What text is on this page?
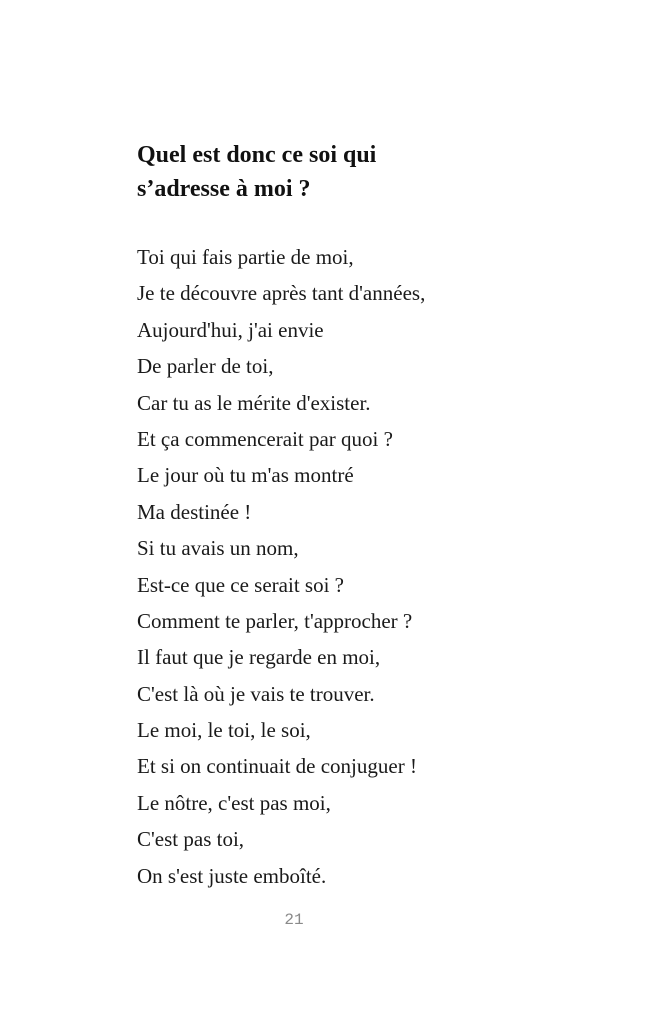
Quel est donc ce soi qui
s’adresse à moi ?
Toi qui fais partie de moi,
Je te découvre après tant d'années,
Aujourd'hui, j'ai envie
De parler de toi,
Car tu as le mérite d'exister.
Et ça commencerait par quoi ?
Le jour où tu m'as montré
Ma destinée !
Si tu avais un nom,
Est-ce que ce serait soi ?
Comment te parler, t'approcher ?
Il faut que je regarde en moi,
C'est là où je vais te trouver.
Le moi, le toi, le soi,
Et si on continuait de conjuguer !
Le nôtre, c'est pas moi,
C'est pas toi,
On s'est juste emboîté.
21
